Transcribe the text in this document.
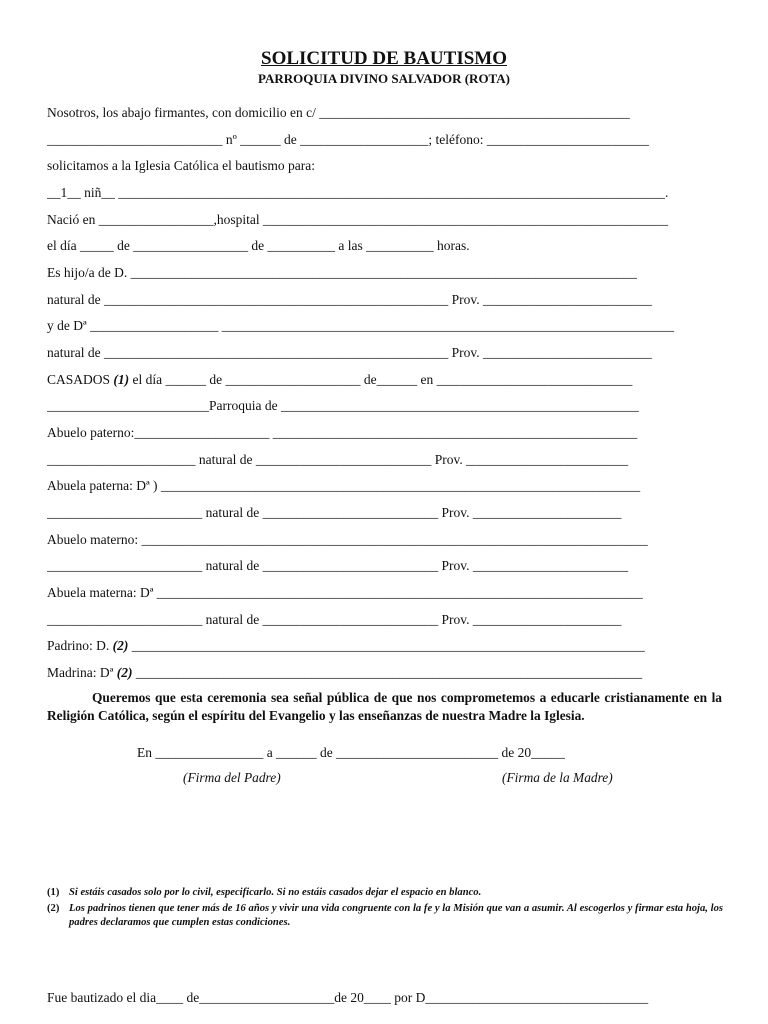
SOLICITUD DE BAUTISMO
PARROQUIA DIVINO SALVADOR (ROTA)
Nosotros, los abajo firmantes, con domicilio en c/ ______________________________________________
__________________________ nº ______ de ___________________; teléfono: ________________________
solicitamos a la Iglesia Católica el bautismo para:
__1__ niñ__ _________________________________________________________________________________.
Nació en _________________,hospital ____________________________________________________________
el día _____ de _________________ de __________ a las __________ horas.
Es hijo/a de D. ___________________________________________________________________________
natural de ___________________________________________________ Prov. _________________________
y de Dª ___________________ ___________________________________________________________________
natural de ___________________________________________________ Prov. _________________________
CASADOS (1) el día ______ de ____________________ de______ en _____________________________
________________________Parroquia de _____________________________________________________
Abuelo paterno:____________________ ______________________________________________________
______________________ natural de __________________________ Prov. ________________________
Abuela paterna: Dª ) _______________________________________________________________________
_______________________ natural de __________________________ Prov. ______________________
Abuelo materno: ___________________________________________________________________________
_______________________ natural de __________________________ Prov. _______________________
Abuela materna: Dª ________________________________________________________________________
_______________________ natural de __________________________ Prov. ______________________
Padrino: D. (2) ____________________________________________________________________________
Madrina: Dª (2) ___________________________________________________________________________
Queremos que esta ceremonia sea señal pública de que nos comprometemos a educarle cristianamente en la Religión Católica, según el espíritu del Evangelio y las enseñanzas de nuestra Madre la Iglesia.
En ________________ a ______ de ________________________ de 20_____
(Firma del Padre)	(Firma de la Madre)
(1) Si estáis casados solo por lo civil, especificarlo. Si no estáis casados dejar el espacio en blanco.
(2) Los padrinos tienen que tener más de 16 años y vivir una vida congruente con la fe y la Misión que van a asumir. Al escogerlos y firmar esta hoja, los padres declaramos que cumplen estas condiciones.
Fue bautizado el dia____ de____________________de 20____ por D_________________________________
